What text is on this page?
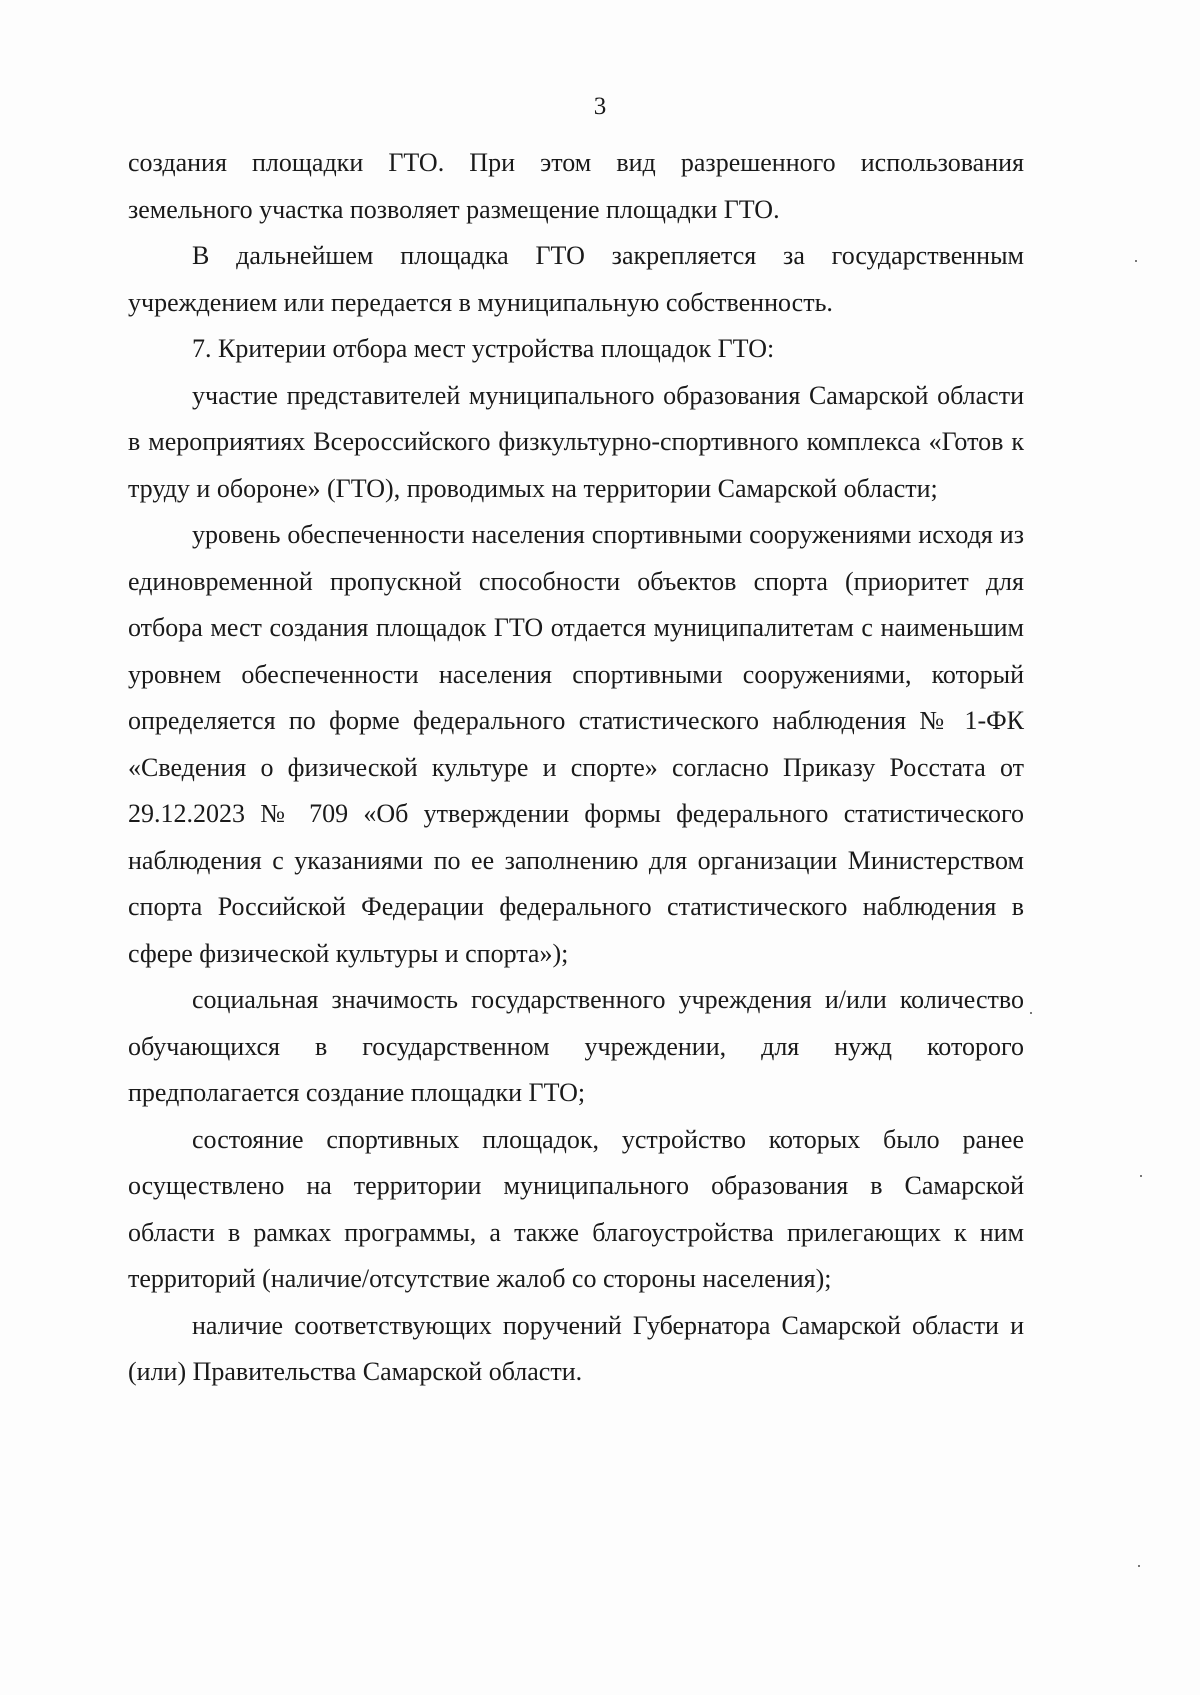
3

создания площадки ГТО. При этом вид разрешенного использования земельного участка позволяет размещение площадки ГТО.

В дальнейшем площадка ГТО закрепляется за государственным учреждением или передается в муниципальную собственность.

7. Критерии отбора мест устройства площадок ГТО:

участие представителей муниципального образования Самарской области в мероприятиях Всероссийского физкультурно-спортивного комплекса «Готов к труду и обороне» (ГТО), проводимых на территории Самарской области;

уровень обеспеченности населения спортивными сооружениями исходя из единовременной пропускной способности объектов спорта (приоритет для отбора мест создания площадок ГТО отдается муниципалитетам с наименьшим уровнем обеспеченности населения спортивными сооружениями, который определяется по форме федерального статистического наблюдения № 1-ФК «Сведения о физической культуре и спорте» согласно Приказу Росстата от 29.12.2023 № 709 «Об утверждении формы федерального статистического наблюдения с указаниями по ее заполнению для организации Министерством спорта Российской Федерации федерального статистического наблюдения в сфере физической культуры и спорта»);

социальная значимость государственного учреждения и/или количество обучающихся в государственном учреждении, для нужд которого предполагается создание площадки ГТО;

состояние спортивных площадок, устройство которых было ранее осуществлено на территории муниципального образования в Самарской области в рамках программы, а также благоустройства прилегающих к ним территорий (наличие/отсутствие жалоб со стороны населения);

наличие соответствующих поручений Губернатора Самарской области и (или) Правительства Самарской области.
